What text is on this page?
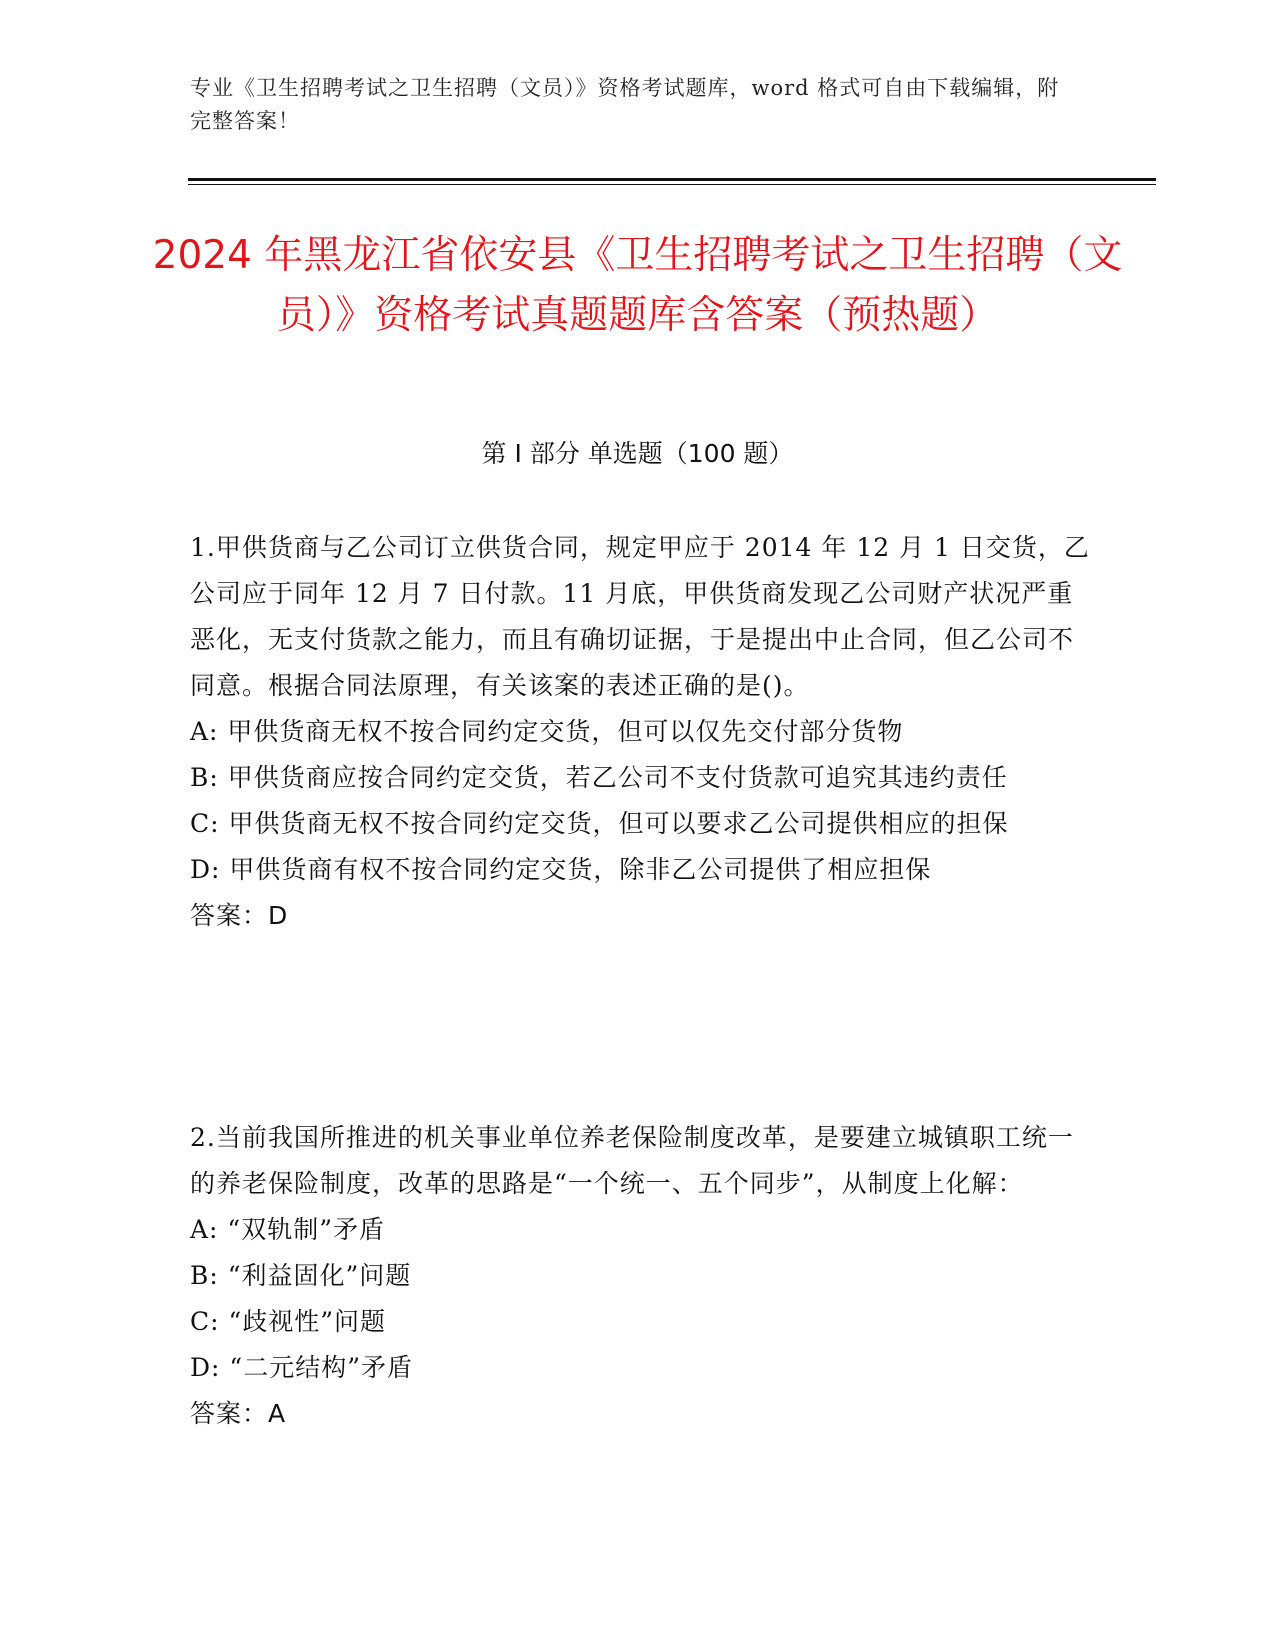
专业《卫生招聘考试之卫生招聘（文员）》资格考试题库，word 格式可自由下载编辑，附完整答案！
2024 年黑龙江省依安县《卫生招聘考试之卫生招聘（文员）》资格考试真题题库含答案（预热题）
第 I 部分 单选题（100 题）

1.甲供货商与乙公司订立供货合同，规定甲应于 2014 年 12 月 1 日交货，乙公司应于同年 12 月 7 日付款。11 月底，甲供货商发现乙公司财产状况严重恶化，无支付货款之能力，而且有确切证据，于是提出中止合同，但乙公司不同意。根据合同法原理，有关该案的表述正确的是()。

A: 甲供货商无权不按合同约定交货，但可以仅先交付部分货物
B: 甲供货商应按合同约定交货，若乙公司不支付货款可追究其违约责任
C: 甲供货商无权不按合同约定交货，但可以要求乙公司提供相应的担保
D: 甲供货商有权不按合同约定交货，除非乙公司提供了相应担保

答案：D

2.当前我国所推进的机关事业单位养老保险制度改革，是要建立城镇职工统一的养老保险制度，改革的思路是“一个统一、五个同步”，从制度上化解：

A: “双轨制”矛盾
B: “利益固化”问题
C: “歧视性”问题
D: “二元结构”矛盾

答案：A
